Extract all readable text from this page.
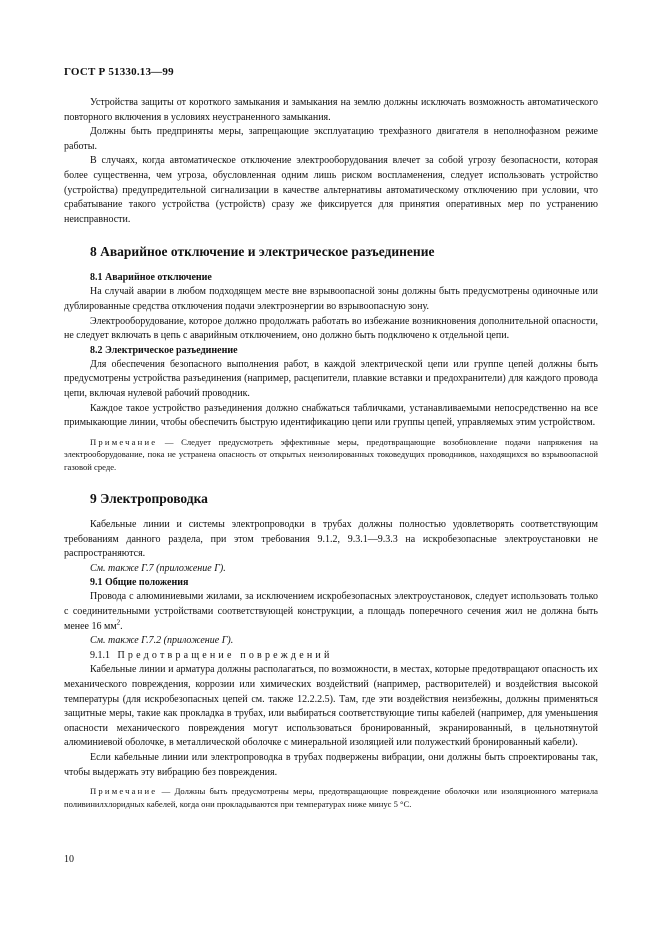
ГОСТ Р 51330.13—99

Устройства защиты от короткого замыкания и замыкания на землю должны исключать возможность автоматического повторного включения в условиях неустраненного замыкания.

Должны быть предприняты меры, запрещающие эксплуатацию трехфазного двигателя в неполнофазном режиме работы.

В случаях, когда автоматическое отключение электрооборудования влечет за собой угрозу безопасности, которая более существенна, чем угроза, обусловленная одним лишь риском воспламенения, следует использовать устройство (устройства) предупредительной сигнализации в качестве альтернативы автоматическому отключению при условии, что срабатывание такого устройства (устройств) сразу же фиксируется для принятия оперативных мер по устранению неисправности.

8 Аварийное отключение и электрическое разъединение
8.1 Аварийное отключение

На случай аварии в любом подходящем месте вне взрывоопасной зоны должны быть предусмотрены одиночные или дублированные средства отключения подачи электроэнергии во взрывоопасную зону.

Электрооборудование, которое должно продолжать работать во избежание возникновения дополнительной опасности, не следует включать в цепь с аварийным отключением, оно должно быть подключено к отдельной цепи.

8.2 Электрическое разъединение

Для обеспечения безопасного выполнения работ, в каждой электрической цепи или группе цепей должны быть предусмотрены устройства разъединения (например, расцепители, плавкие вставки и предохранители) для каждого провода цепи, включая нулевой рабочий проводник.

Каждое такое устройство разъединения должно снабжаться табличками, устанавливаемыми непосредственно на все примыкающие линии, чтобы обеспечить быструю идентификацию цепи или группы цепей, управляемых этим устройством.

Примечание — Следует предусмотреть эффективные меры, предотвращающие возобновление подачи напряжения на электрооборудование, пока не устранена опасность от открытых неизолированных токоведущих проводников, находящихся во взрывоопасной газовой среде.
9 Электропроводка

Кабельные линии и системы электропроводки в трубах должны полностью удовлетворять соответствующим требованиям данного раздела, при этом требования 9.1.2, 9.3.1—9.3.3 на искробезопасные электроустановки не распространяются.

См. также Г.7 (приложение Г).

9.1 Общие положения

Провода с алюминиевыми жилами, за исключением искробезопасных электроустановок, следует использовать только с соединительными устройствами соответствующей конструкции, а площадь поперечного сечения жил не должна быть менее 16 $мм^2$.

См. также Г.7.2 (приложение Г).

9.1.1 Предотвращение повреждений

Кабельные линии и арматура должны располагаться, по возможности, в местах, которые предотвращают опасность их механического повреждения, коррозии или химических воздействий (например, растворителей) и воздействия высокой температуры (для искробезопасных цепей см. также 12.2.2.5). Там, где эти воздействия неизбежны, должны применяться защитные меры, такие как прокладка в трубах, или выбираться соответствующие типы кабелей (например, для уменьшения опасности механического повреждения могут использоваться бронированный, экранированный, в цельнотянутой алюминиевой оболочке, в металлической оболочке с минеральной изоляцией или полужесткий бронированный кабели).

Если кабельные линии или электропроводка в трубах подвержены вибрации, они должны быть спроектированы так, чтобы выдержать эту вибрацию без повреждения.

Примечание — Должны быть предусмотрены меры, предотвращающие повреждение оболочки или изоляционного материала поливинилхлоридных кабелей, когда они прокладываются при температурах ниже минус 5 °С.
10
